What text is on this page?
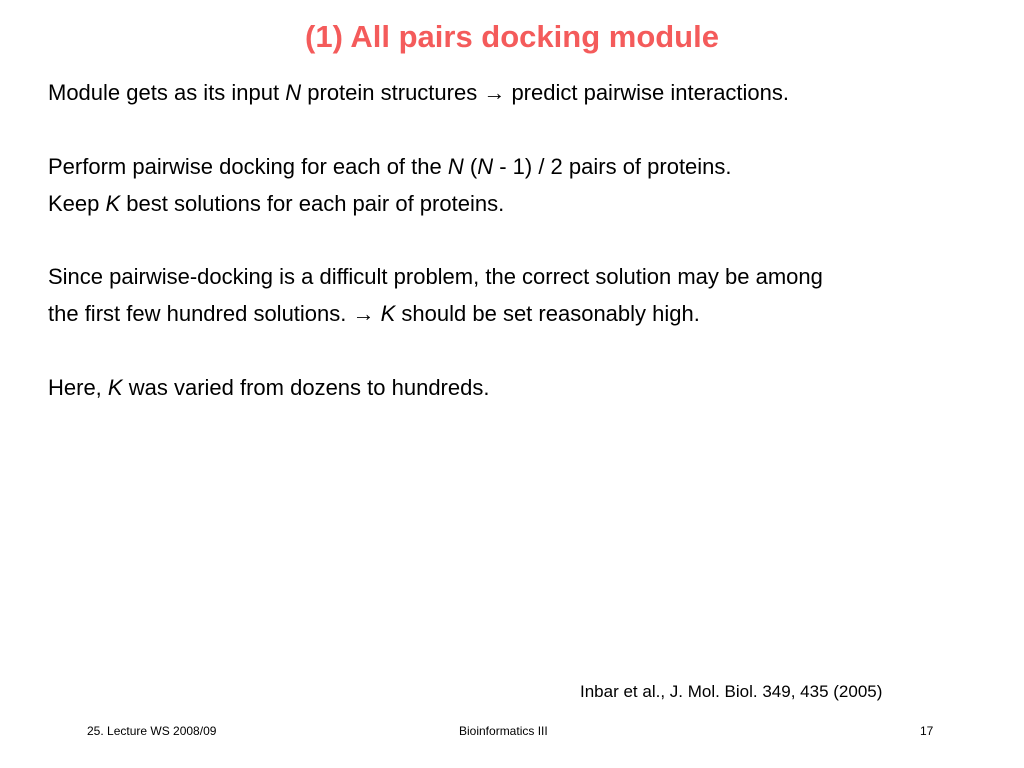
(1) All pairs docking module
Module gets as its input N protein structures → predict pairwise interactions.
Perform pairwise docking for each of the N (N - 1) / 2 pairs of proteins.
Keep K best solutions for each pair of proteins.
Since pairwise-docking is a difficult problem, the correct solution may be among
the first few hundred solutions. → K should be set reasonably high.
Here, K was varied from dozens to hundreds.
Inbar et al., J. Mol. Biol. 349, 435 (2005)
25. Lecture WS 2008/09	Bioinformatics III	17
